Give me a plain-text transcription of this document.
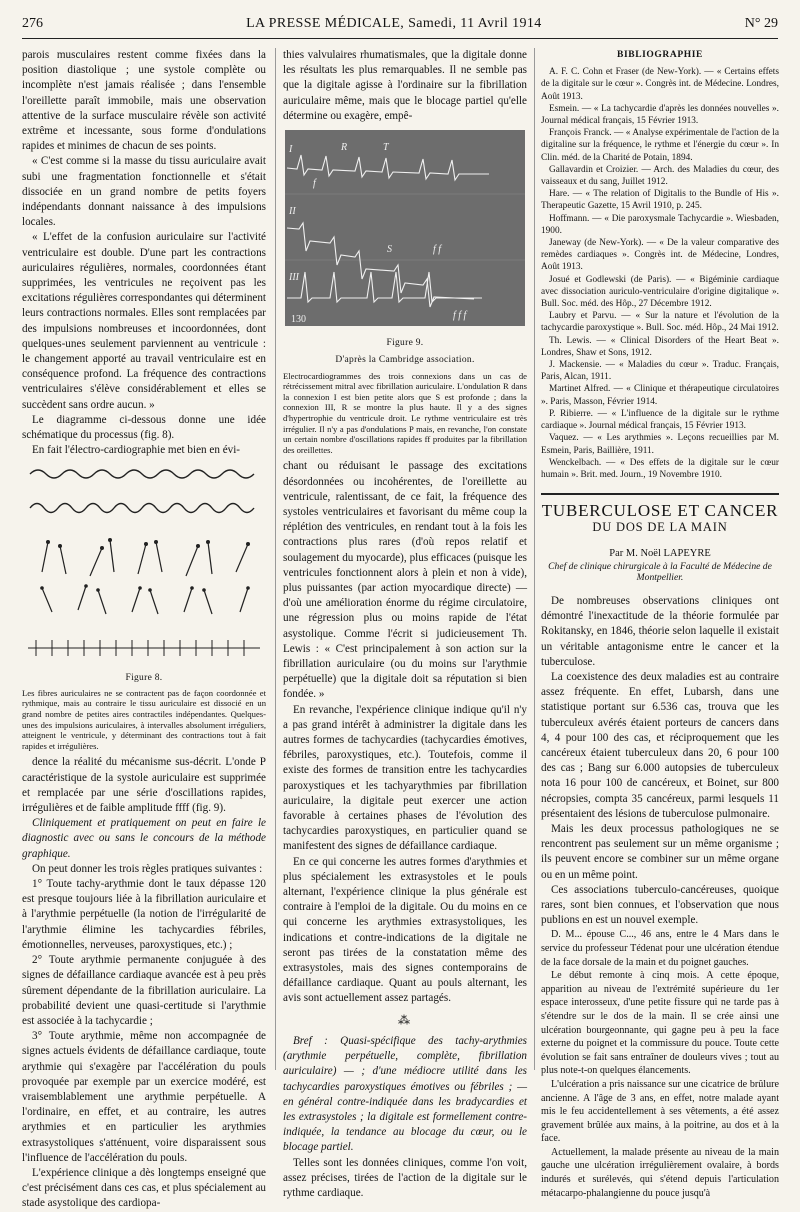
276	LA PRESSE MÉDICALE, Samedi, 11 Avril 1914	N° 29

parois musculaires restent comme fixées dans la position diastolique ; une systole complète ou incomplète n'est jamais réalisée ; dans l'ensemble l'oreillette paraît immobile, mais une observation attentive de la surface musculaire révèle son activité extrême et incessante, sous forme d'ondulations rapides et minimes de chacun de ses points.

« C'est comme si la masse du tissu auriculaire avait subi une fragmentation fonctionnelle et s'était dissociée en un grand nombre de petits foyers indépendants donnant naissance à des impulsions locales.

« L'effet de la confusion auriculaire sur l'activité ventriculaire est double. D'une part les contractions auriculaires régulières, normales, coordonnées étant supprimées, les ventricules ne reçoivent pas les excitations régulières correspondantes qui déterminent leurs contractions normales. Elles sont remplacées par des impulsions nombreuses et incoordonnées, dont quelques-unes seulement parviennent au ventricule : le changement apporté au travail ventriculaire est en conséquence profond. La fréquence des contractions ventriculaires s'élève considérablement et elles se succèdent sans ordre aucun. »

Le diagramme ci-dessous donne une idée schématique du processus (fig. 8).

En fait l'électro-cardiographie met bien en évi-

Figure 8.
Les fibres auriculaires ne se contractent pas de façon coordonnée et rythmique, mais au contraire le tissu auriculaire est dissocié en un grand nombre de petites aires contractiles indépendantes. Quelques-unes des impulsions auriculaires, à intervalles absolument irréguliers, atteignent le ventricule, y déterminant des contractions tout à fait rapides et irrégulières.

dence la réalité du mécanisme sus-décrit. L'onde P caractéristique de la systole auriculaire est supprimée et remplacée par une série d'oscillations rapides, irrégulières et de faible amplitude ffff (fig. 9).

Cliniquement et pratiquement on peut en faire le diagnostic avec ou sans le concours de la méthode graphique.

On peut donner les trois règles pratiques suivantes :

1° Toute tachy-arythmie dont le taux dépasse 120 est presque toujours liée à la fibrillation auriculaire et à l'arythmie perpétuelle (la notion de l'irrégularité de l'arythmie élimine les tachycardies fébriles, émotionnelles, nerveuses, paroxystiques, etc.) ;

2° Toute arythmie permanente conjuguée à des signes de défaillance cardiaque avancée est à peu près sûrement dépendante de la fibrillation auriculaire. La probabilité devient une quasi-certitude si l'arythmie est associée à la tachycardie ;

3° Toute arythmie, même non accompagnée de signes actuels évidents de défaillance cardiaque, toute arythmie qui s'exagère par l'accélération du pouls provoquée par exemple par un exercice modéré, est vraisemblablement une arythmie perpétuelle. A l'ordinaire, en effet, et au contraire, les autres arythmies et en particulier les arythmies extrasystoliques s'atténuent, voire disparaissent sous l'influence de l'accélération du pouls.

L'expérience clinique a dès longtemps enseigné que c'est précisément dans ces cas, et plus spécialement au stade asystolique des cardiopa-

thies valvulaires rhumatismales, que la digitale donne les résultats les plus remarquables. Il ne semble pas que la digitale agisse à l'ordinaire sur la fibrillation auriculaire même, mais que le blocage partiel qu'elle détermine ou exagère, empê-

I
II
III
R	T
S
f
f f
f f f
130
Figure 9.
D'après la Cambridge association.
Electrocardiogrammes des trois connexions dans un cas de rétrécissement mitral avec fibrillation auriculaire. L'ondulation R dans la connexion I est bien petite alors que S est profonde ; dans la connexion III, R se montre la plus haute. Il y a des signes d'hypertrophie du ventricule droit. Le rythme ventriculaire est très irrégulier. Il n'y a pas d'ondulations P mais, en revanche, l'on constate un certain nombre d'oscillations rapides ff produites par la fibrillation des oreillettes.

chant ou réduisant le passage des excitations désordonnées ou incohérentes, de l'oreillette au ventricule, ralentissant, de ce fait, la fréquence des systoles ventriculaires et favorisant du même coup la réplétion des ventricules, en rendant tout à la fois les contractions plus rares (d'où repos relatif et soulagement du myocarde), plus efficaces (puisque les ventricules fonctionnent alors à plein et non à vide), plus puissantes (par action myocardique directe) — d'où une amélioration énorme du régime circulatoire, une régression plus ou moins rapide de l'état asystolique. Comme l'écrit si judicieusement Th. Lewis : « C'est principalement à son action sur la fibrillation auriculaire (ou du moins sur l'arythmie perpétuelle) que la digitale doit sa réputation si bien fondée. »

En revanche, l'expérience clinique indique qu'il n'y a pas grand intérêt à administrer la digitale dans les autres formes de tachycardies (tachycardies émotives, fébriles, paroxystiques, etc.). Toutefois, comme il existe des formes de transition entre les tachycardies paroxystiques et les tachyarythmies par fibrillation auriculaire, la digitale peut exercer une action favorable à certaines phases de l'évolution des tachycardies paroxystiques, en particulier quand se manifestent des signes de défaillance cardiaque.

En ce qui concerne les autres formes d'arythmies et plus spécialement les extrasystoles et le pouls alternant, l'expérience clinique la plus générale est contraire à l'emploi de la digitale. Ou du moins en ce qui concerne les arythmies extrasystoliques, les indications et contre-indications de la digitale ne seront pas tirées de la constatation même des extrasystoles, mais des signes contemporains de défaillance cardiaque. Quant au pouls alternant, les avis sont actuellement assez partagés.

⁂

Bref : Quasi-spécifique des tachy-arythmies (arythmie perpétuelle, complète, fibrillation auriculaire) — ; d'une médiocre utilité dans les tachycardies paroxystiques émotives ou fébriles ; — en général contre-indiquée dans les bradycardies et les extrasystoles ; la digitale est formellement contre-indiquée, la tendance au blocage du cœur, ou le blocage partiel.

Telles sont les données cliniques, comme l'on voit, assez précises, tirées de l'action de la digitale sur le rythme cardiaque.

BIBLIOGRAPHIE

A. F. C. Cohn et Fraser (de New-York). — « Certains effets de la digitale sur le cœur ». Congrès int. de Médecine. Londres, Août 1913.

Esmein. — « La tachycardie d'après les données nouvelles ». Journal médical français, 15 Février 1913.

François Franck. — « Analyse expérimentale de l'action de la digitaline sur la fréquence, le rythme et l'énergie du cœur ». In Clin. méd. de la Charité de Potain, 1894.

Gallavardin et Croizier. — Arch. des Maladies du cœur, des vaisseaux et du sang, Juillet 1912.

Hare. — « The relation of Digitalis to the Bundle of His ». Therapeutic Gazette, 15 Avril 1910, p. 245.

Hoffmann. — « Die paroxysmale Tachycardie ». Wiesbaden, 1900.

Janeway (de New-York). — « De la valeur comparative des remèdes cardiaques ». Congrès int. de Médecine, Londres, Août 1913.

Josué et Godlewski (de Paris). — « Bigéminie cardiaque avec dissociation auriculo-ventriculaire d'origine digitalique ». Bull. Soc. méd. des Hôp., 27 Décembre 1912.

Laubry et Parvu. — « Sur la nature et l'évolution de la tachycardie paroxystique ». Bull. Soc. méd. Hôp., 24 Mai 1912.

Th. Lewis. — « Clinical Disorders of the Heart Beat ». Londres, Shaw et Sons, 1912.

J. Mackensie. — « Maladies du cœur ». Traduc. Français, Paris, Alcan, 1911.

Martinet Alfred. — « Clinique et thérapeutique circulatoires ». Paris, Masson, Février 1914.

P. Ribierre. — « L'influence de la digitale sur le rythme cardiaque ». Journal médical français, 15 Février 1913.

Vaquez. — « Les arythmies ». Leçons recueillies par M. Esmein, Paris, Baillière, 1911.

Wenckelbach. — « Des effets de la digitale sur le cœur humain ». Brit. med. Journ., 19 Novembre 1910.

TUBERCULOSE ET CANCER
DU DOS DE LA MAIN
Par M. Noël LAPEYRE
Chef de clinique chirurgicale à la Faculté de Médecine de Montpellier.

De nombreuses observations cliniques ont démontré l'inexactitude de la théorie formulée par Rokitansky, en 1846, théorie selon laquelle il existait un véritable antagonisme entre le cancer et la tuberculose.

La coexistence des deux maladies est au contraire assez fréquente. En effet, Lubarsh, dans une statistique portant sur 6.536 cas, trouva que les tuberculeux avérés étaient porteurs de cancers dans 4, 4 pour 100 des cas, et réciproquement que les cancéreux étaient tuberculeux dans 20, 6 pour 100 des cas ; Bang sur 6.000 autopsies de tuberculeux nota 16 pour 100 de cancéreux, et Boinet, sur 800 nécropsies, compta 35 cancéreux, parmi lesquels 11 présentaient des lésions de tuberculose pulmonaire.

Mais les deux processus pathologiques ne se rencontrent pas seulement sur un même organisme ; ils peuvent encore se combiner sur un même organe ou en un même point.

Ces associations tuberculo-cancéreuses, quoique rares, sont bien connues, et l'observation que nous publions en est un nouvel exemple.

D. M... épouse C..., 46 ans, entre le 4 Mars dans le service du professeur Tédenat pour une ulcération étendue de la face dorsale de la main et du poignet gauches.

Le début remonte à cinq mois. A cette époque, apparition au niveau de l'extrémité supérieure du 1er espace interosseux, d'une petite fissure qui ne tarde pas à s'étendre sur le dos de la main. Il se crée ainsi une ulcération bourgeonnante, qui gagne peu à peu la face externe du poignet et la commissure du pouce. Toute cette évolution se fait sans entraîner de douleurs vives ; tout au plus note-t-on quelques élancements.

L'ulcération a pris naissance sur une cicatrice de brûlure ancienne. A l'âge de 3 ans, en effet, notre malade ayant mis le feu accidentellement à ses vêtements, a été assez gravement brûlée aux mains, à la poitrine, au dos et à la face.

Actuellement, la malade présente au niveau de la main gauche une ulcération irrégulièrement ovalaire, à bords indurés et surélevés, qui s'étend depuis l'articulation métacarpo-phalangienne du pouce jusqu'à
